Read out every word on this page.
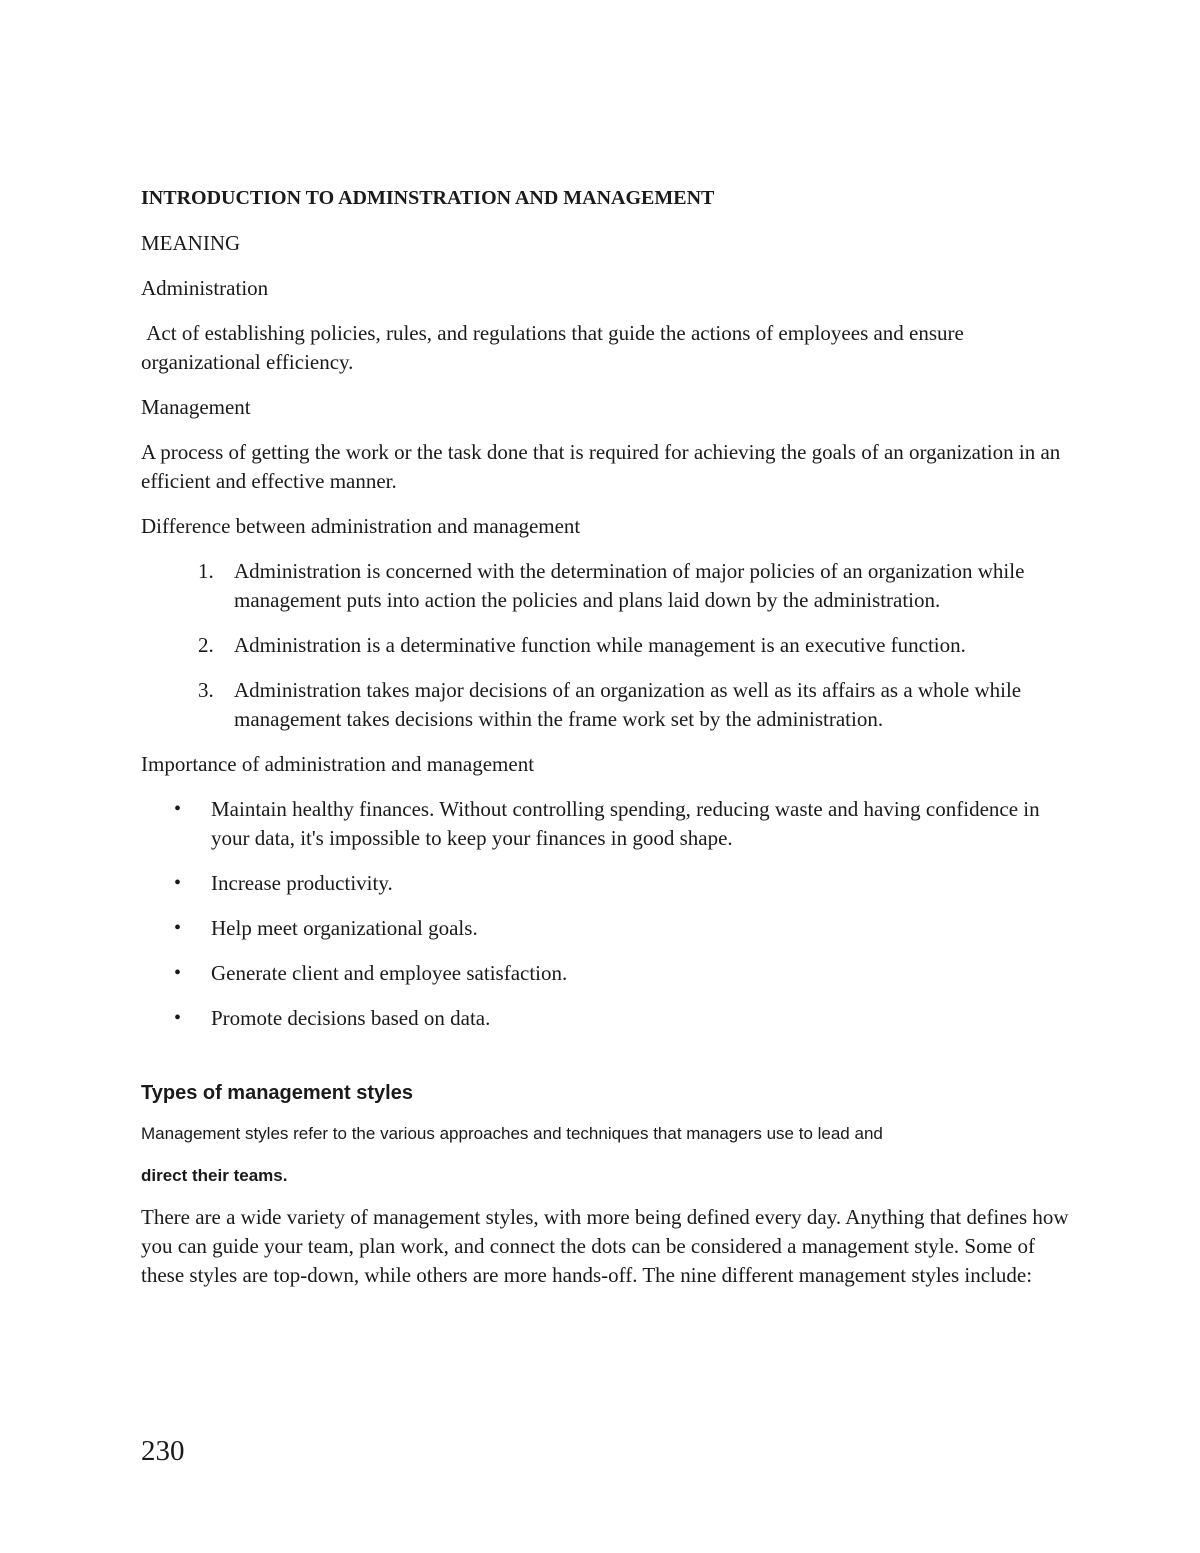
INTRODUCTION TO ADMINSTRATION AND MANAGEMENT

MEANING

Administration

Act of establishing policies, rules, and regulations that guide the actions of employees and ensure organizational efficiency.

Management

A process of getting the work or the task done that is required for achieving the goals of an organization in an efficient and effective manner.

Difference between administration and management

1. Administration is concerned with the determination of major policies of an organization while management puts into action the policies and plans laid down by the administration.
2. Administration is a determinative function while management is an executive function.
3. Administration takes major decisions of an organization as well as its affairs as a whole while management takes decisions within the frame work set by the administration.

Importance of administration and management

• Maintain healthy finances. Without controlling spending, reducing waste and having confidence in your data, it's impossible to keep your finances in good shape.
• Increase productivity.
• Help meet organizational goals.
• Generate client and employee satisfaction.
• Promote decisions based on data.

Types of management styles

Management styles refer to the various approaches and techniques that managers use to lead and

direct their teams.

There are a wide variety of management styles, with more being defined every day. Anything that defines how you can guide your team, plan work, and connect the dots can be considered a management style. Some of these styles are top-down, while others are more hands-off. The nine different management styles include:

230
